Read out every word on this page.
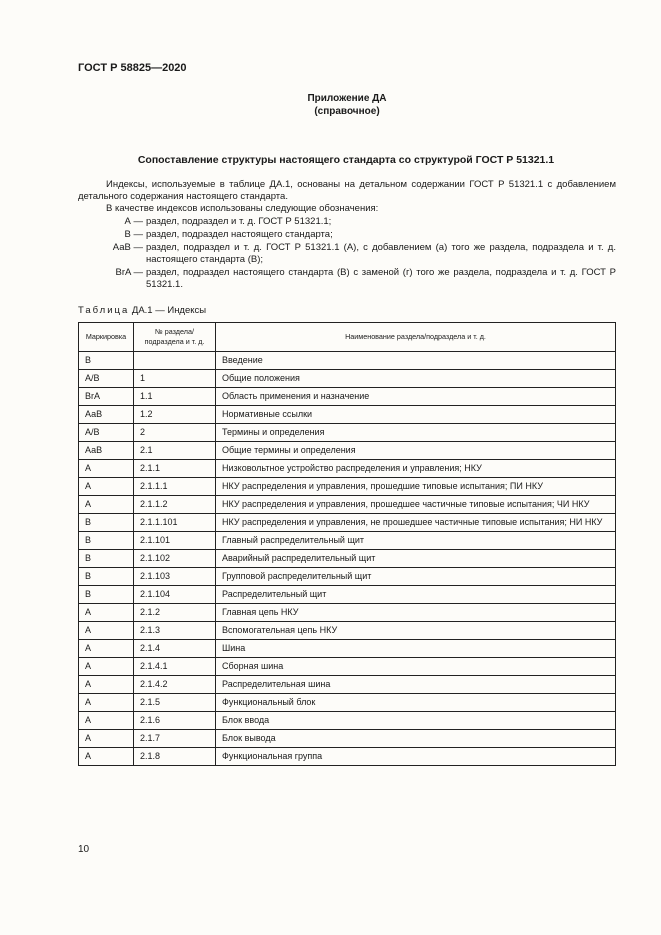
ГОСТ Р 58825—2020
Приложение ДА
(справочное)
Сопоставление структуры настоящего стандарта со структурой ГОСТ Р 51321.1
Индексы, используемые в таблице ДА.1, основаны на детальном содержании ГОСТ Р 51321.1 с добавлением детального содержания настоящего стандарта.
В качестве индексов использованы следующие обозначения:
А — раздел, подраздел и т. д. ГОСТ Р 51321.1;
В — раздел, подраздел настоящего стандарта;
АаВ — раздел, подраздел и т. д. ГОСТ Р 51321.1 (А), с добавлением (а) того же раздела, подраздела и т. д. настоящего стандарта (В);
BrA — раздел, подраздел настоящего стандарта (В) с заменой (г) того же раздела, подраздела и т. д. ГОСТ Р 51321.1.
Таблица ДА.1 — Индексы
Маркировка	№ раздела/ подраздела и т. д.	Наименование раздела/подраздела и т. д.
В		Введение
А/В	1	Общие положения
BrA	1.1	Область применения и назначение
АаВ	1.2	Нормативные ссылки
А/В	2	Термины и определения
АаВ	2.1	Общие термины и определения
А	2.1.1	Низковольтное устройство распределения и управления; НКУ
А	2.1.1.1	НКУ распределения и управления, прошедшие типовые испытания; ПИ НКУ
А	2.1.1.2	НКУ распределения и управления, прошедшее частичные типовые испытания; ЧИ НКУ
В	2.1.1.101	НКУ распределения и управления, не прошедшее частичные типовые испытания; НИ НКУ
В	2.1.101	Главный распределительный щит
В	2.1.102	Аварийный распределительный щит
В	2.1.103	Групповой распределительный щит
В	2.1.104	Распределительный щит
А	2.1.2	Главная цепь НКУ
А	2.1.3	Вспомогательная цепь НКУ
А	2.1.4	Шина
А	2.1.4.1	Сборная шина
А	2.1.4.2	Распределительная шина
А	2.1.5	Функциональный блок
А	2.1.6	Блок ввода
А	2.1.7	Блок вывода
А	2.1.8	Функциональная группа
10
